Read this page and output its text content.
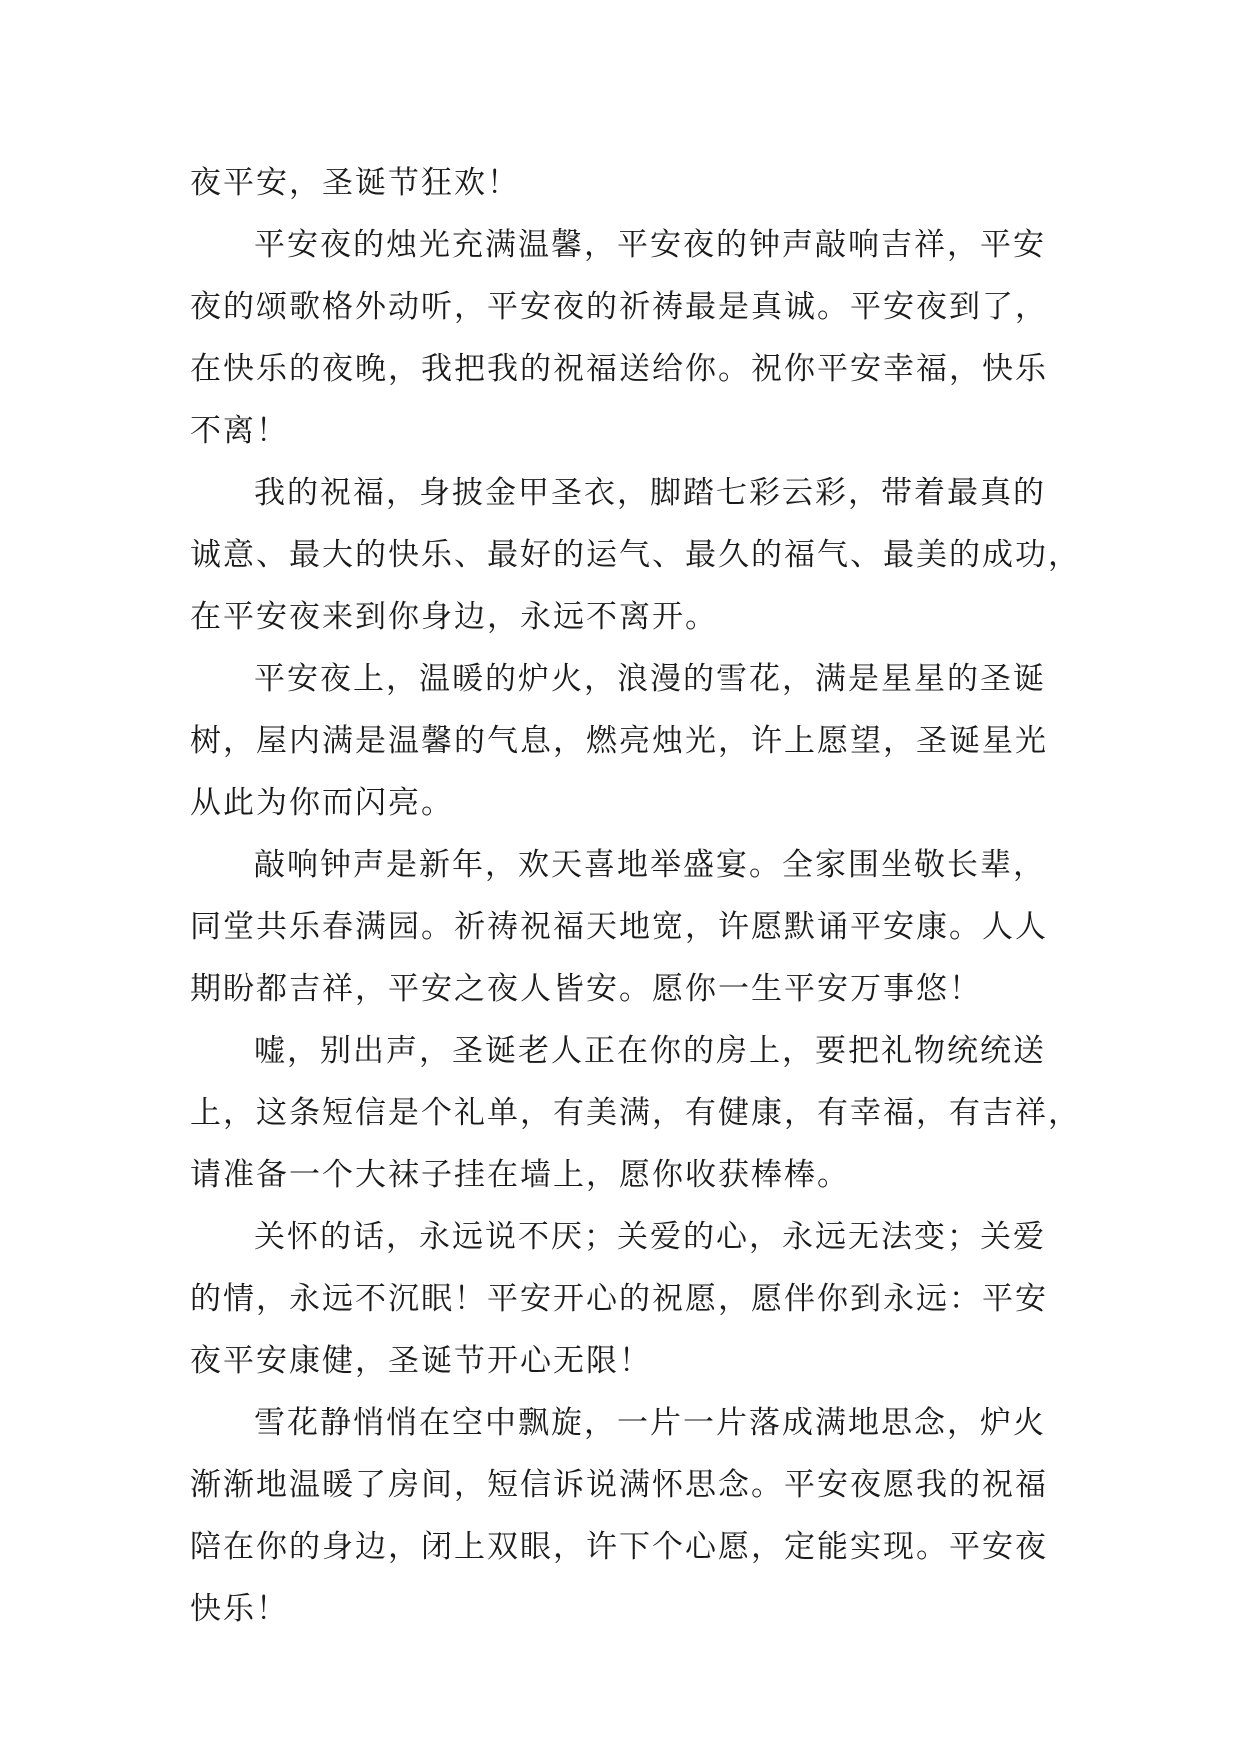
夜平安，圣诞节狂欢！
平安夜的烛光充满温馨，平安夜的钟声敲响吉祥，平安
夜的颂歌格外动听，平安夜的祈祷最是真诚。平安夜到了，
在快乐的夜晚，我把我的祝福送给你。祝你平安幸福，快乐
不离！
我的祝福，身披金甲圣衣，脚踏七彩云彩，带着最真的
诚意、最大的快乐、最好的运气、最久的福气、最美的成功，
在平安夜来到你身边，永远不离开。
平安夜上，温暖的炉火，浪漫的雪花，满是星星的圣诞
树，屋内满是温馨的气息，燃亮烛光，许上愿望，圣诞星光
从此为你而闪亮。
敲响钟声是新年，欢天喜地举盛宴。全家围坐敬长辈，
同堂共乐春满园。祈祷祝福天地宽，许愿默诵平安康。人人
期盼都吉祥，平安之夜人皆安。愿你一生平安万事悠！
嘘，别出声，圣诞老人正在你的房上，要把礼物统统送
上，这条短信是个礼单，有美满，有健康，有幸福，有吉祥，
请准备一个大袜子挂在墙上，愿你收获棒棒。
关怀的话，永远说不厌；关爱的心，永远无法变；关爱
的情，永远不沉眠！平安开心的祝愿，愿伴你到永远：平安
夜平安康健，圣诞节开心无限！
雪花静悄悄在空中飘旋，一片一片落成满地思念，炉火
渐渐地温暖了房间，短信诉说满怀思念。平安夜愿我的祝福
陪在你的身边，闭上双眼，许下个心愿，定能实现。平安夜
快乐！
